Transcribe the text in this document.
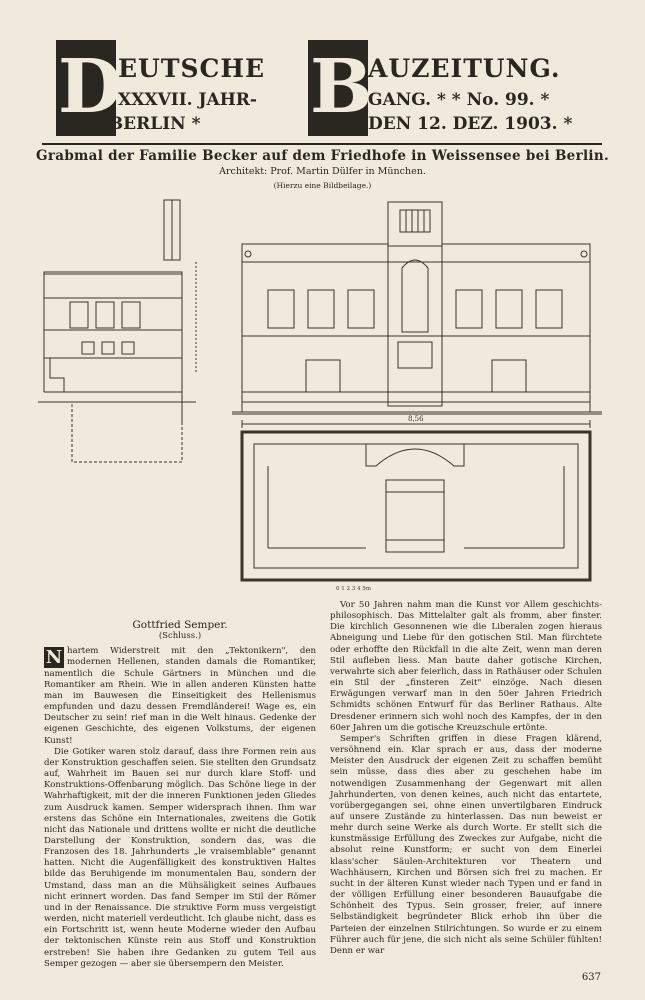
D
EUTSCHE
XXXVII. JAHR-
* BERLIN * B
AUZEITUNG.
GANG. * * No. 99. *
DEN 12. DEZ. 1903. *
Grabmal der Familie Becker auf dem Friedhofe in Weissensee bei Berlin.
Architekt: Prof. Martin Dülfer in München.
(Hierzu eine Bildbeilage.)
8,56
0 1 2 3 4 5m
Gottfried Semper.
(Schluss.)
N hartem Widerstreit mit den „Tektonikern", den modernen Hellenen, standen damals die Romantiker, namentlich die Schule Gärtners in München und die Romantiker am Rhein. Wie in allen anderen Künsten hatte man im Bauwesen die Einseitigkeit des Hellenismus empfunden und dazu dessen Fremdländerei! Wage es, ein Deutscher zu sein! rief man in die Welt hinaus. Gedenke der eigenen Geschichte, des eigenen Volkstums, der eigenen Kunst!

Die Gotiker waren stolz darauf, dass ihre Formen rein aus der Konstruktion geschaffen seien. Sie stellten den Grundsatz auf, Wahrheit im Bauen sei nur durch klare Stoff- und Konstruktions-Offenbarung möglich. Das Schöne liege in der Wahrhaftigkeit, mit der die inneren Funktionen jeden Gliedes zum Ausdruck kamen. Semper widersprach ihnen. Ihm war erstens das Schöne ein Internationales, zweitens die Gotik nicht das Nationale und drittens wollte er nicht die deutliche Darstellung der Konstruktion, sondern das, was die Franzosen des 18. Jahrhunderts „le vraisemblable" genannt hatten. Nicht die Augenfälligkeit des konstruktiven Haltes bilde das Beruhigende im monumentalen Bau, sondern der Umstand, dass man an die Mühsäligkeit seines Aufbaues nicht erinnert worden. Das fand Semper im Stil der Römer und in der Renaissance. Die struktive Form muss vergeistigt werden, nicht materiell verdeutlicht. Ich glaube nicht, dass es ein Fortschritt ist, wenn heute Moderne wieder den Aufbau der tektonischen Künste rein aus Stoff und Konstruktion erstreben! Sie haben ihre Gedanken zu gutem Teil aus Semper gezogen — aber sie übersempern den Meister.

Vor 50 Jahren nahm man die Kunst vor Allem geschichts-philosophisch. Das Mittelalter galt als fromm, aber finster. Die kirchlich Gesonnenen wie die Liberalen zogen hieraus Abneigung und Liebe für den gotischen Stil. Man fürchtete oder erhoffte den Rückfall in die alte Zeit, wenn man deren Stil aufleben liess. Man baute daher gotische Kirchen, verwahrte sich aber feierlich, dass in Rathäuser oder Schulen ein Stil der „finsteren Zeit" einzöge. Nach diesen Erwägungen verwarf man in den 50er Jahren Friedrich Schmidts schönen Entwurf für das Berliner Rathaus. Alte Dresdener erinnern sich wohl noch des Kampfes, der in den 60er Jahren um die gotische Kreuzschule ertönte.

Semper's Schriften griffen in diese Fragen klärend, versöhnend ein. Klar sprach er aus, dass der moderne Meister den Ausdruck der eigenen Zeit zu schaffen bemüht sein müsse, dass dies aber zu geschehen habe im notwendigen Zusammenhang der Gegenwart mit allen Jahrhunderten, von denen keines, auch nicht das entartete, vorübergegangen sei, ohne einen unvertilgbaren Eindruck auf unsere Zustände zu hinterlassen. Das nun beweist er mehr durch seine Werke als durch Worte. Er stellt sich die kunstmässige Erfüllung des Zweckes zur Aufgabe, nicht die absolut reine Kunstform; er sucht von dem Einerlei klass'scher Säulen-Architekturen vor Theatern und Wachhäusern, Kirchen und Börsen sich frei zu machen. Er sucht in der älteren Kunst wieder nach Typen und er fand in der völligen Erfüllung einer besonderen Bauaufgabe die Schönheit des Typus. Sein grosser, freier, auf innere Selbständigkeit begründeter Blick erhob ihn über die Parteien der einzelnen Stilrichtungen. So wurde er zu einem Führer auch für jene, die sich nicht als seine Schüler fühlten! Denn er war

637
